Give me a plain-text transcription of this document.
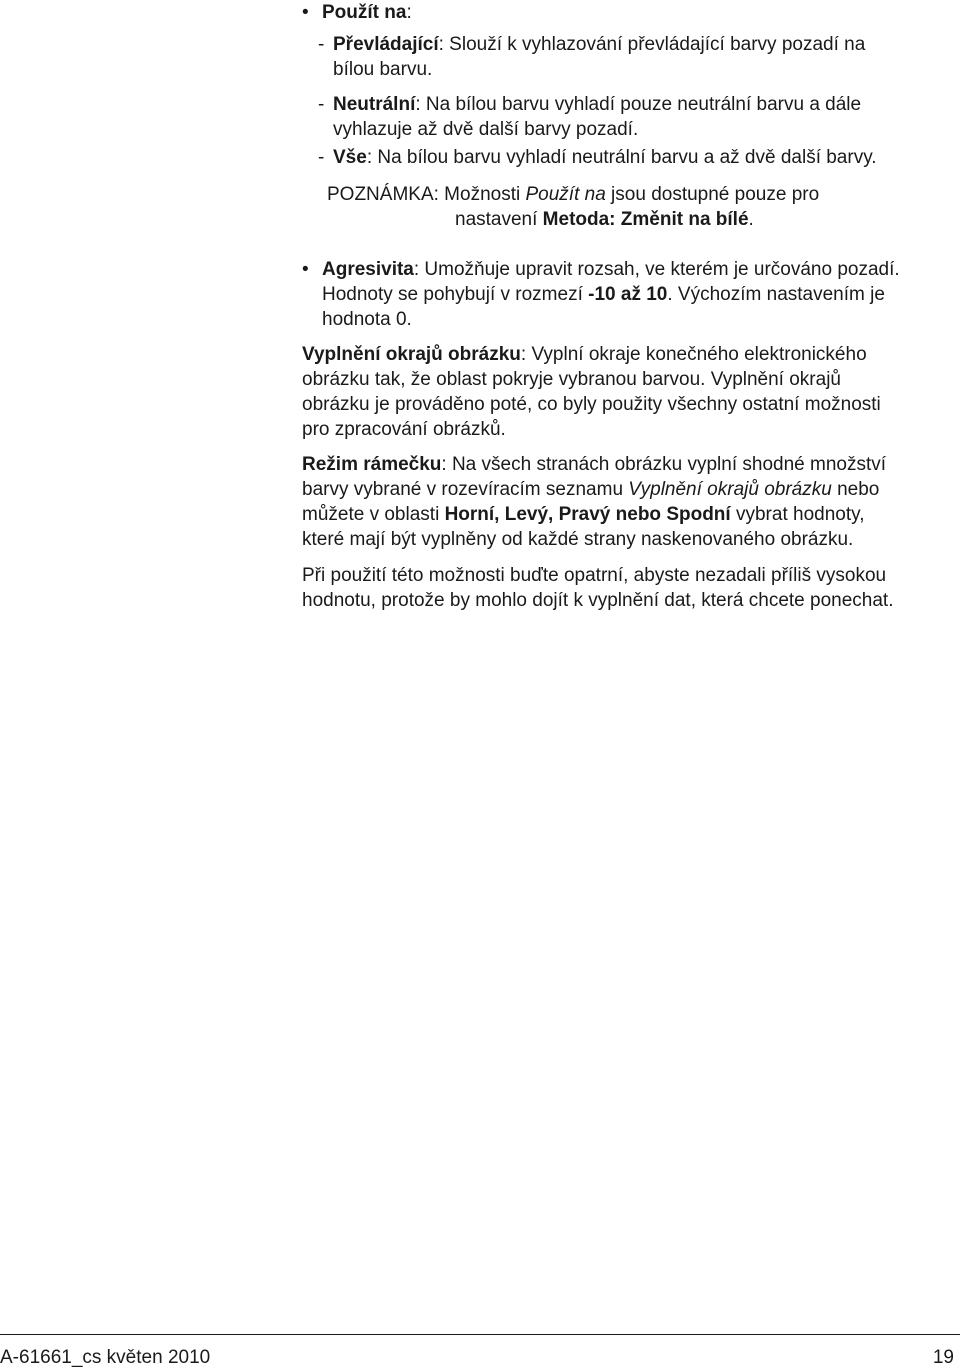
• Použít na:
- Převládající: Slouží k vyhlazování převládající barvy pozadí na
bílou barvu.
- Neutrální: Na bílou barvu vyhladí pouze neutrální barvu a dále
vyhlazuje až dvě další barvy pozadí.
- Vše: Na bílou barvu vyhladí neutrální barvu a až dvě další barvy.
POZNÁMKA: Možnosti Použít na jsou dostupné pouze pro
nastavení Metoda: Změnit na bílé.
• Agresivita: Umožňuje upravit rozsah, ve kterém je určováno pozadí.
Hodnoty se pohybují v rozmezí -10 až 10. Výchozím nastavením je
hodnota 0.
Vyplnění okrajů obrázku: Vyplní okraje konečného elektronického
obrázku tak, že oblast pokryje vybranou barvou. Vyplnění okrajů
obrázku je prováděno poté, co byly použity všechny ostatní možnosti
pro zpracování obrázků.
Režim rámečku: Na všech stranách obrázku vyplní shodné množství
barvy vybrané v rozevíracím seznamu Vyplnění okrajů obrázku nebo
můžete v oblasti Horní, Levý, Pravý nebo Spodní vybrat hodnoty,
které mají být vyplněny od každé strany naskenovaného obrázku.
Při použití této možnosti buďte opatrní, abyste nezadali příliš vysokou
hodnotu, protože by mohlo dojít k vyplnění dat, která chcete ponechat.
A-61661_cs květen 2010	19
